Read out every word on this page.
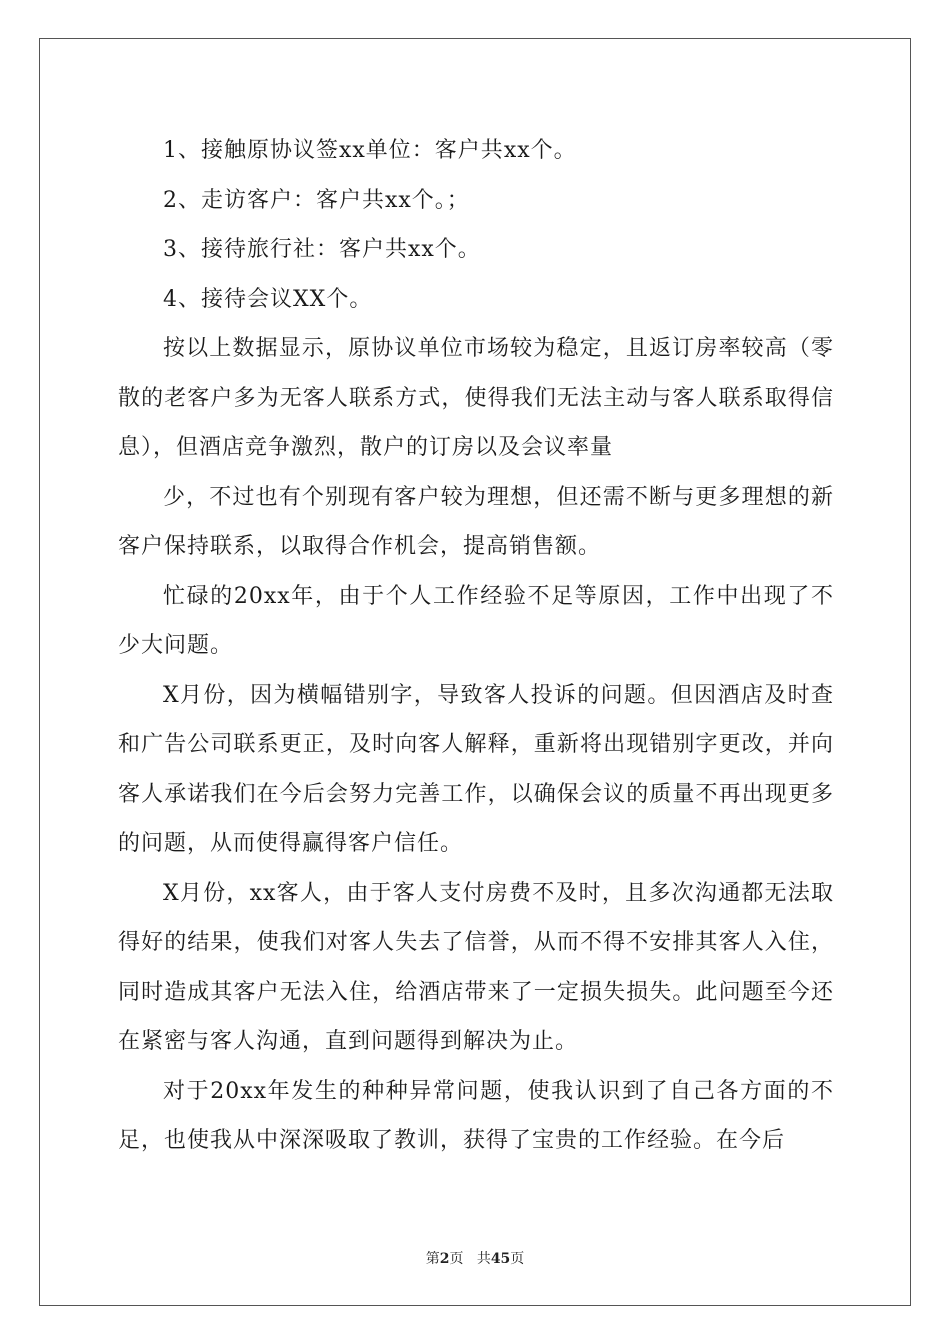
1、接触原协议签xx单位：客户共xx个。

2、走访客户：客户共xx个。；

3、接待旅行社：客户共xx个。

4、接待会议XX个。

按以上数据显示，原协议单位市场较为稳定，且返订房率较高（零散的老客户多为无客人联系方式，使得我们无法主动与客人联系取得信息），但酒店竞争激烈，散户的订房以及会议率量

少，不过也有个别现有客户较为理想，但还需不断与更多理想的新客户保持联系，以取得合作机会，提高销售额。

忙碌的20xx年，由于个人工作经验不足等原因，工作中出现了不少大问题。

X月份，因为横幅错别字，导致客人投诉的问题。但因酒店及时查和广告公司联系更正，及时向客人解释，重新将出现错别字更改，并向客人承诺我们在今后会努力完善工作，以确保会议的质量不再出现更多的问题，从而使得赢得客户信任。

X月份，xx客人，由于客人支付房费不及时，且多次沟通都无法取得好的结果，使我们对客人失去了信誉，从而不得不安排其客人入住，同时造成其客户无法入住，给酒店带来了一定损失损失。此问题至今还在紧密与客人沟通，直到问题得到解决为止。

对于20xx年发生的种种异常问题，使我认识到了自己各方面的不足，也使我从中深深吸取了教训，获得了宝贵的工作经验。在今后

第2页 共45页
